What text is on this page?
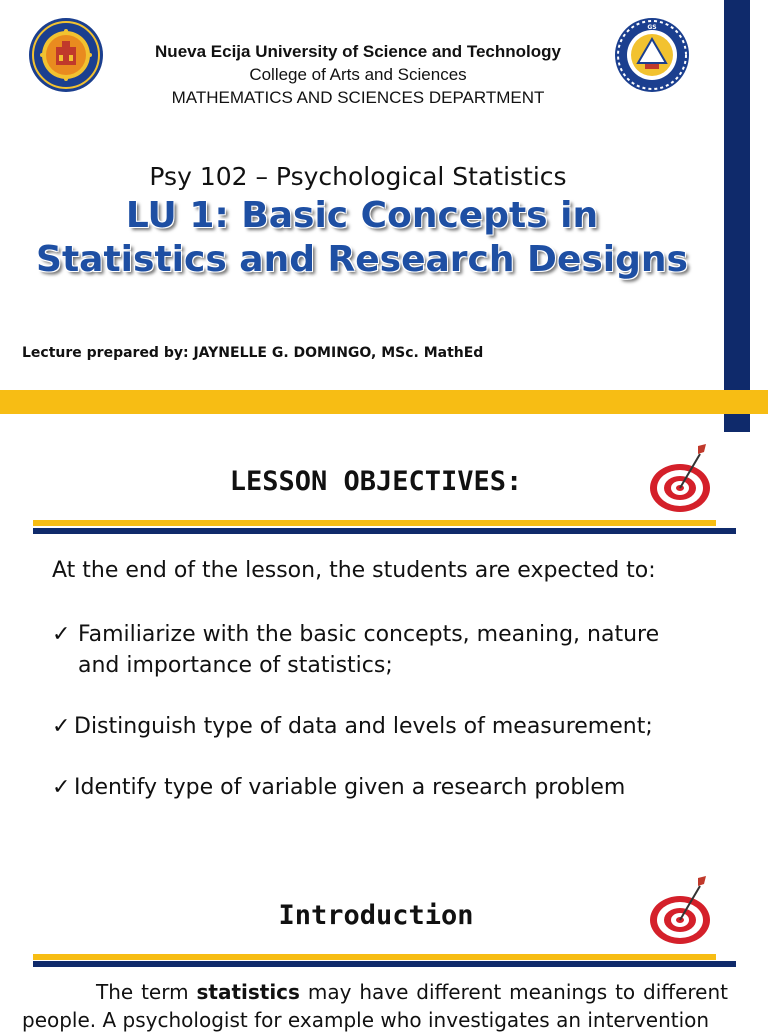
GS
Nueva Ecija University of Science and Technology
College of Arts and Sciences
MATHEMATICS AND SCIENCES DEPARTMENT
Psy 102 – Psychological Statistics
LU 1: Basic Concepts in
Statistics and Research Designs
Lecture prepared by: JAYNELLE G. DOMINGO, MSc. MathEd
LESSON OBJECTIVES:
At the end of the lesson, the students are expected to:
✓ Familiarize with the basic concepts, meaning, nature
and importance of statistics;
✓ Distinguish type of data and levels of measurement;
✓ Identify type of variable given a research problem
Introduction
The term statistics may have different meanings to different people. A psychologist for example who investigates an intervention
